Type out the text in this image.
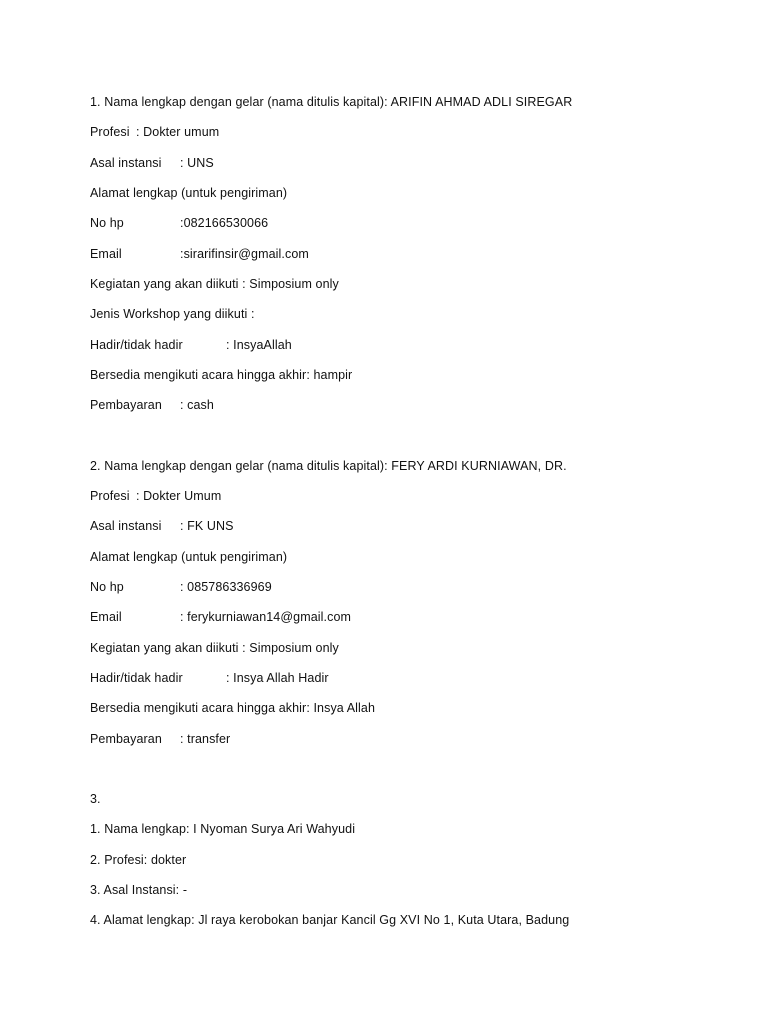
1. Nama lengkap dengan gelar (nama ditulis kapital): ARIFIN AHMAD ADLI SIREGAR
Profesi : Dokter umum
Asal instansi : UNS
Alamat lengkap (untuk pengiriman)
No hp	:082166530066
Email	:sirarifinsir@gmail.com
Kegiatan yang akan diikuti : Simposium only
Jenis Workshop yang diikuti :
Hadir/tidak hadir	: InsyaAllah
Bersedia mengikuti acara hingga akhir: hampir
Pembayaran : cash
2. Nama lengkap dengan gelar (nama ditulis kapital): FERY ARDI KURNIAWAN, DR.
Profesi : Dokter Umum
Asal instansi : FK UNS
Alamat lengkap (untuk pengiriman)
No hp	: 085786336969
Email	: ferykurniawan14@gmail.com
Kegiatan yang akan diikuti : Simposium only
Hadir/tidak hadir	: Insya Allah Hadir
Bersedia mengikuti acara hingga akhir: Insya Allah
Pembayaran : transfer
3.
1. Nama lengkap: I Nyoman Surya Ari Wahyudi
2. Profesi: dokter
3. Asal Instansi: -
4. Alamat lengkap: Jl raya kerobokan banjar Kancil Gg XVI No 1, Kuta Utara, Badung
